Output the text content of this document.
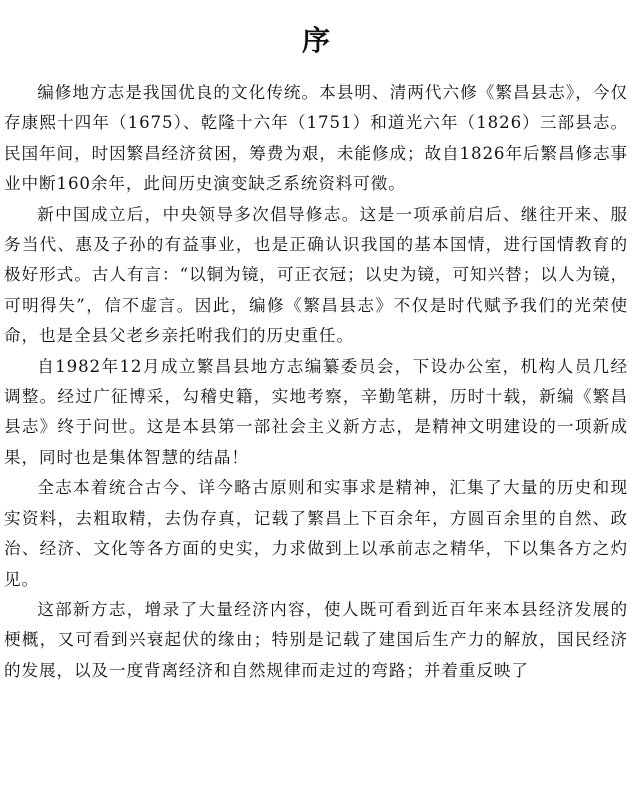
序

编修地方志是我国优良的文化传统。本县明、清两代六修《繁昌县志》，今仅存康熙十四年（1675）、乾隆十六年（1751）和道光六年（1826）三部县志。民国年间，时因繁昌经济贫困，筹费为艰，未能修成；故自1826年后繁昌修志事业中断160余年，此间历史演变缺乏系统资料可徵。

新中国成立后，中央领导多次倡导修志。这是一项承前启后、继往开来、服务当代、惠及子孙的有益事业，也是正确认识我国的基本国情，进行国情教育的极好形式。古人有言：“以铜为镜，可正衣冠；以史为镜，可知兴替；以人为镜，可明得失”，信不虚言。因此，编修《繁昌县志》不仅是时代赋予我们的光荣使命，也是全县父老乡亲托咐我们的历史重任。

自1982年12月成立繁昌县地方志编纂委员会，下设办公室，机构人员几经调整。经过广征博采，勾稽史籍，实地考察，辛勤笔耕，历时十载，新编《繁昌县志》终于问世。这是本县第一部社会主义新方志，是精神文明建设的一项新成果，同时也是集体智慧的结晶！

全志本着统合古今、详今略古原则和实事求是精神，汇集了大量的历史和现实资料，去粗取精，去伪存真，记载了繁昌上下百余年，方圆百余里的自然、政治、经济、文化等各方面的史实，力求做到上以承前志之精华，下以集各方之灼见。

这部新方志，增录了大量经济内容，使人既可看到近百年来本县经济发展的梗概，又可看到兴衰起伏的缘由；特别是记载了建国后生产力的解放，国民经济的发展，以及一度背离经济和自然规律而走过的弯路；并着重反映了
